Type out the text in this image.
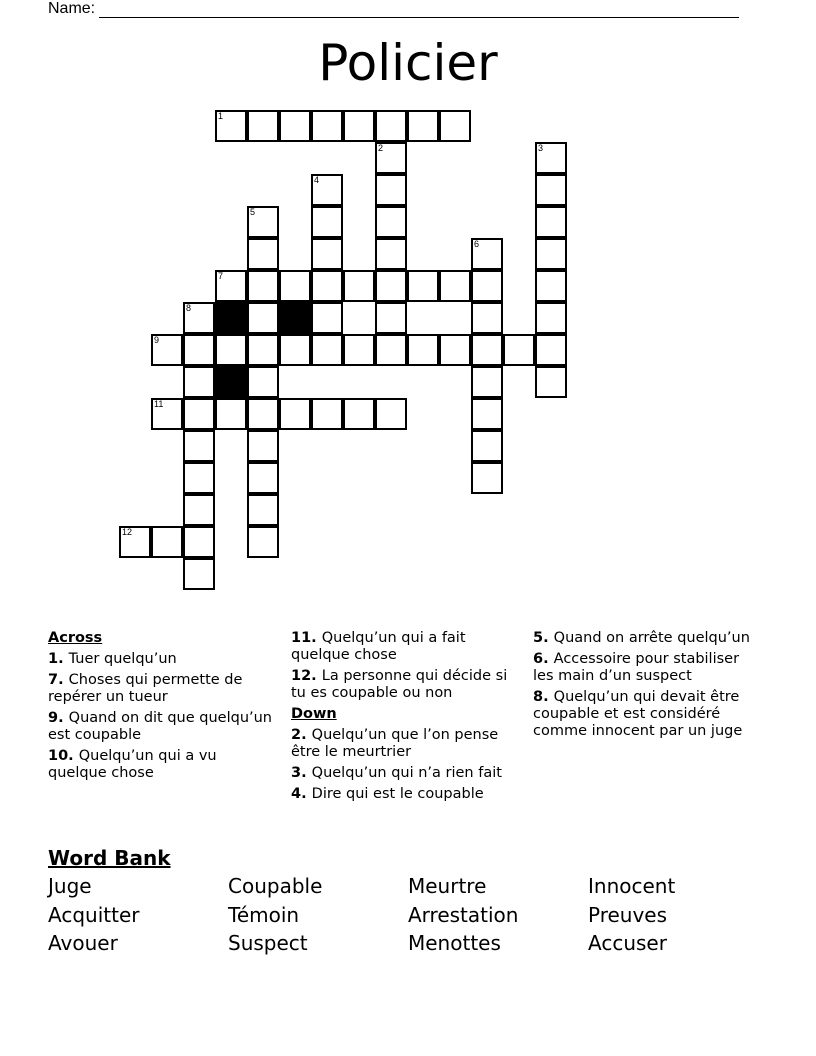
Name:
Policier
1
2	3
4
5
6
7
8
9
11
12
Across
1. Tuer quelqu’un
7. Choses qui permette de repérer un tueur
9. Quand on dit que quelqu’un est coupable
10. Quelqu’un qui a vu quelque chose
11. Quelqu’un qui a fait quelque chose
12. La personne qui décide si tu es coupable ou non
Down
2. Quelqu’un que l’on pense être le meurtrier
3. Quelqu’un qui n’a rien fait
4. Dire qui est le coupable
5. Quand on arrête quelqu’un
6. Accessoire pour stabiliser les main d’un suspect
8. Quelqu’un qui devait être coupable et est considéré comme innocent par un juge
Word Bank
Juge	Coupable	Meurtre	Innocent
Acquitter	Témoin	Arrestation	Preuves
Avouer	Suspect	Menottes	Accuser
